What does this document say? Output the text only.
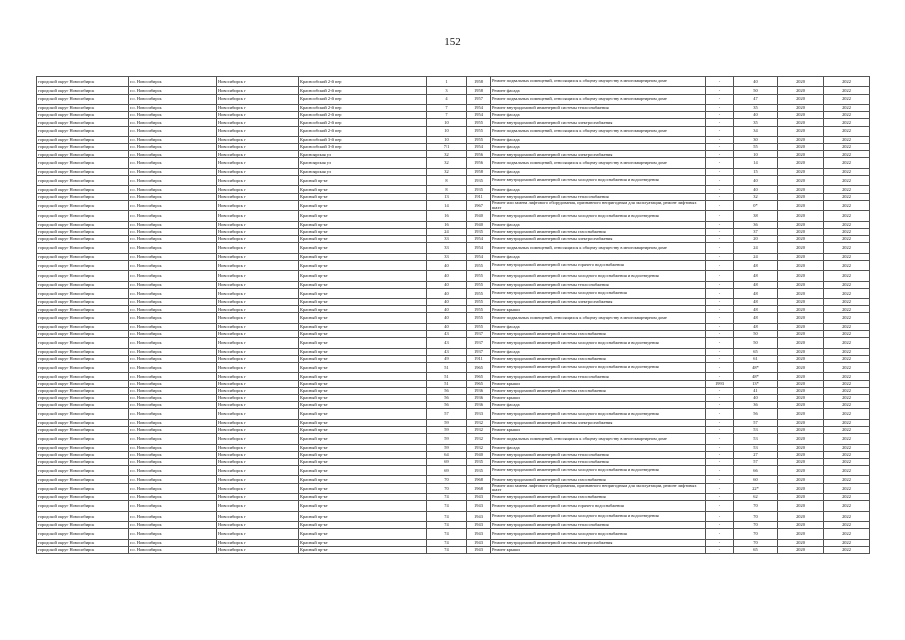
152
городской округ Новосибирск	г.о. Новосибирск	Новосибирск г	Краснообский 2-й пер	1	1958	Ремонт подвальных помещений, относящихся к общему имуществу в многоквартирном доме	-	40	2020	2022
городской округ Новосибирск	г.о. Новосибирск	Новосибирск г	Краснообский 2-й пер	3	1958	Ремонт фасада	-	50	2020	2022
городской округ Новосибирск	г.о. Новосибирск	Новосибирск г	Краснообский 2-й пер	4	1957	Ремонт подвальных помещений, относящихся к общему имуществу в многоквартирном доме	-	47	2020	2022
городской округ Новосибирск	г.о. Новосибирск	Новосибирск г	Краснообский 2-й пер	7	1954	Ремонт внутридомовой инженерной системы теплоснабжения	-	35	2020	2022
городской округ Новосибирск	г.о. Новосибирск	Новосибирск г	Краснообский 2-й пер	7	1954	Ремонт фасада	-	40	2020	2022
городской округ Новосибирск	г.о. Новосибирск	Новосибирск г	Краснообский 2-й пер	10	1955	Ремонт внутридомовой инженерной системы электроснабжения	-	35	2020	2022
городской округ Новосибирск	г.о. Новосибирск	Новосибирск г	Краснообский 2-й пер	10	1955	Ремонт подвальных помещений, относящихся к общему имуществу в многоквартирном доме	-	34	2020	2022
городской округ Новосибирск	г.о. Новосибирск	Новосибирск г	Краснообский 3-й пер	10	1955	Ремонт фасада	-	30	2020	2022
городской округ Новосибирск	г.о. Новосибирск	Новосибирск г	Краснообский 3-й пер	7/1	1954	Ремонт фасада	-	55	2020	2022
городской округ Новосибирск	г.о. Новосибирск	Новосибирск г	Красноярская ул	32	1956	Ремонт внутридомовой инженерной системы электроснабжения	-	10	2020	2022
городской округ Новосибирск	г.о. Новосибирск	Новосибирск г	Красноярская ул	32	1956	Ремонт подвальных помещений, относящихся к общему имуществу в многоквартирном доме	-	14	2020	2022
городской округ Новосибирск	г.о. Новосибирск	Новосибирск г	Красноярская ул	32	1958	Ремонт фасада	-	15	2020	2022
городской округ Новосибирск	г.о. Новосибирск	Новосибирск г	Красный пр-кт	8	1935	Ремонт внутридомовой инженерной системы холодного водоснабжения и водоотведения	-	40	2020	2022
городской округ Новосибирск	г.о. Новосибирск	Новосибирск г	Красный пр-кт	8	1935	Ремонт фасада	-	40	2020	2022
городской округ Новосибирск	г.о. Новосибирск	Новосибирск г	Красный пр-кт	13	1911	Ремонт внутридомовой инженерной системы теплоснабжения	-	32	2020	2022
городской округ Новосибирск	г.о. Новосибирск	Новосибирск г	Красный пр-кт	14	1967	Ремонт или замена лифтового оборудования, признанного непригодным для эксплуатации, ремонт лифтовых шахт	-	0*	2020	2022
городской округ Новосибирск	г.о. Новосибирск	Новосибирск г	Красный пр-кт	16	1940	Ремонт внутридомовой инженерной системы холодного водоснабжения и водоотведения	-	38	2020	2022
городской округ Новосибирск	г.о. Новосибирск	Новосибирск г	Красный пр-кт	16	1940	Ремонт фасада	-	36	2020	2022
городской округ Новосибирск	г.о. Новосибирск	Новосибирск г	Красный пр-кт	24	1935	Ремонт внутридомовой инженерной системы газоснабжения	-	37	2020	2022
городской округ Новосибирск	г.о. Новосибирск	Новосибирск г	Красный пр-кт	33	1954	Ремонт внутридомовой инженерной системы электроснабжения	-	20	2020	2022
городской округ Новосибирск	г.о. Новосибирск	Новосибирск г	Красный пр-кт	33	1954	Ремонт подвальных помещений, относящихся к общему имуществу в многоквартирном доме	-	24	2020	2022
городской округ Новосибирск	г.о. Новосибирск	Новосибирск г	Красный пр-кт	33	1954	Ремонт фасада	-	24	2020	2022
городской округ Новосибирск	г.о. Новосибирск	Новосибирск г	Красный пр-кт	40	1955	Ремонт внутридомовой инженерной системы горячего водоснабжения	-	48	2020	2022
городской округ Новосибирск	г.о. Новосибирск	Новосибирск г	Красный пр-кт	40	1955	Ремонт внутридомовой инженерной системы холодного водоснабжения и водоотведения	-	48	2020	2022
городской округ Новосибирск	г.о. Новосибирск	Новосибирск г	Красный пр-кт	40	1955	Ремонт внутридомовой инженерной системы теплоснабжения	-	48	2020	2022
городской округ Новосибирск	г.о. Новосибирск	Новосибирск г	Красный пр-кт	40	1955	Ремонт внутридомовой инженерной системы холодного водоснабжения	-	48	2020	2022
городской округ Новосибирск	г.о. Новосибирск	Новосибирск г	Красный пр-кт	40	1955	Ремонт внутридомовой инженерной системы электроснабжения	-	48	2020	2022
городской округ Новосибирск	г.о. Новосибирск	Новосибирск г	Красный пр-кт	40	1955	Ремонт крыши	-	48	2020	2022
городской округ Новосибирск	г.о. Новосибирск	Новосибирск г	Красный пр-кт	40	1955	Ремонт подвальных помещений, относящихся к общему имуществу в многоквартирном доме	-	48	2020	2022
городской округ Новосибирск	г.о. Новосибирск	Новосибирск г	Красный пр-кт	40	1955	Ремонт фасада	-	48	2020	2022
городской округ Новосибирск	г.о. Новосибирск	Новосибирск г	Красный пр-кт	43	1937	Ремонт внутридомовой инженерной системы газоснабжения	-	50	2020	2022
городской округ Новосибирск	г.о. Новосибирск	Новосибирск г	Красный пр-кт	43	1937	Ремонт внутридомовой инженерной системы холодного водоснабжения и водоотведения	-	50	2020	2022
городской округ Новосибирск	г.о. Новосибирск	Новосибирск г	Красный пр-кт	43	1937	Ремонт фасада	-	65	2020	2022
городской округ Новосибирск	г.о. Новосибирск	Новосибирск г	Красный пр-кт	49	1911	Ремонт внутридомовой инженерной системы газоснабжения	-	61	2020	2022
городской округ Новосибирск	г.о. Новосибирск	Новосибирск г	Красный пр-кт	51	1965	Ремонт внутридомовой инженерной системы холодного водоснабжения и водоотведения	-	48*	2020	2022
городской округ Новосибирск	г.о. Новосибирск	Новосибирск г	Красный пр-кт	51	1965	Ремонт внутридомовой инженерной системы теплоснабжения	-	48*	2020	2022
городской округ Новосибирск	г.о. Новосибирск	Новосибирск г	Красный пр-кт	51	1965	Ремонт крыши	1993	13*	2020	2022
городской округ Новосибирск	г.о. Новосибирск	Новосибирск г	Красный пр-кт	56	1936	Ремонт внутридомовой инженерной системы газоснабжения	-	41	2020	2022
городской округ Новосибирск	г.о. Новосибирск	Новосибирск г	Красный пр-кт	56	1936	Ремонт крыши	-	40	2020	2022
городской округ Новосибирск	г.о. Новосибирск	Новосибирск г	Красный пр-кт	56	1936	Ремонт фасада	-	36	2020	2022
городской округ Новосибирск	г.о. Новосибирск	Новосибирск г	Красный пр-кт	57	1933	Ремонт внутридомовой инженерной системы холодного водоснабжения и водоотведения	-	56	2020	2022
городской округ Новосибирск	г.о. Новосибирск	Новосибирск г	Красный пр-кт	59	1932	Ремонт внутридомовой инженерной системы электроснабжения	-	57	2020	2022
городской округ Новосибирск	г.о. Новосибирск	Новосибирск г	Красный пр-кт	59	1932	Ремонт крыши	-	53	2020	2022
городской округ Новосибирск	г.о. Новосибирск	Новосибирск г	Красный пр-кт	59	1932	Ремонт подвальных помещений, относящихся к общему имуществу в многоквартирном доме	-	53	2020	2022
городской округ Новосибирск	г.о. Новосибирск	Новосибирск г	Красный пр-кт	59	1932	Ремонт фасада	-	53	2020	2022
городской округ Новосибирск	г.о. Новосибирск	Новосибирск г	Красный пр-кт	64	1940	Ремонт внутридомовой инженерной системы теплоснабжения	-	27	2020	2022
городской округ Новосибирск	г.о. Новосибирск	Новосибирск г	Красный пр-кт	69	1935	Ремонт внутридомовой инженерной системы теплоснабжения	-	57	2020	2022
городской округ Новосибирск	г.о. Новосибирск	Новосибирск г	Красный пр-кт	69	1935	Ремонт внутридомовой инженерной системы холодного водоснабжения и водоотведения	-	66	2020	2022
городской округ Новосибирск	г.о. Новосибирск	Новосибирск г	Красный пр-кт	70	1968	Ремонт внутридомовой инженерной системы газоснабжения	-	60	2020	2022
городской округ Новосибирск	г.о. Новосибирск	Новосибирск г	Красный пр-кт	70	1968	Ремонт или замена лифтового оборудования, признанного непригодным для эксплуатации, ремонт лифтовых шахт	-	22*	2020	2022
городской округ Новосибирск	г.о. Новосибирск	Новосибирск г	Красный пр-кт	74	1943	Ремонт внутридомовой инженерной системы газоснабжения	-	62	2020	2022
городской округ Новосибирск	г.о. Новосибирск	Новосибирск г	Красный пр-кт	74	1943	Ремонт внутридомовой инженерной системы горячего водоснабжения	-	70	2020	2022
городской округ Новосибирск	г.о. Новосибирск	Новосибирск г	Красный пр-кт	74	1943	Ремонт внутридомовой инженерной системы холодного водоснабжения и водоотведения	-	70	2020	2022
городской округ Новосибирск	г.о. Новосибирск	Новосибирск г	Красный пр-кт	74	1943	Ремонт внутридомовой инженерной системы теплоснабжения	-	70	2020	2022
городской округ Новосибирск	г.о. Новосибирск	Новосибирск г	Красный пр-кт	74	1943	Ремонт внутридомовой инженерной системы холодного водоснабжения	-	70	2020	2022
городской округ Новосибирск	г.о. Новосибирск	Новосибирск г	Красный пр-кт	74	1943	Ремонт внутридомовой инженерной системы электроснабжения	-	70	2020	2022
городской округ Новосибирск	г.о. Новосибирск	Новосибирск г	Красный пр-кт	74	1943	Ремонт крыши	-	65	2020	2022
